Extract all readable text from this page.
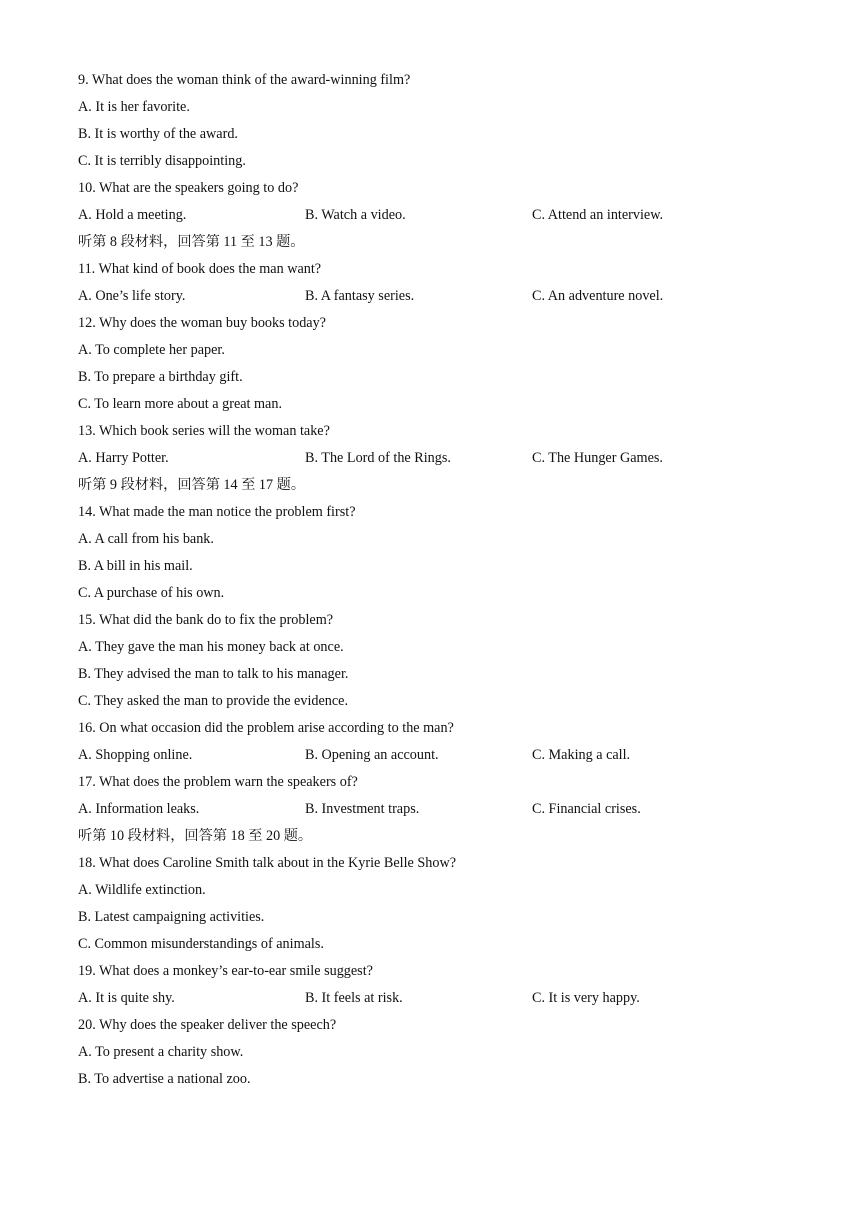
9. What does the woman think of the award-winning film?
A. It is her favorite.
B. It is worthy of the award.
C. It is terribly disappointing.
10. What are the speakers going to do?
A. Hold a meeting.	B. Watch a video.	C. Attend an interview.
听第 8 段材料，回答第 11 至 13 题。
11. What kind of book does the man want?
A. One’s life story.	B. A fantasy series.	C. An adventure novel.
12. Why does the woman buy books today?
A. To complete her paper.
B. To prepare a birthday gift.
C. To learn more about a great man.
13. Which book series will the woman take?
A. Harry Potter.	B. The Lord of the Rings.	C. The Hunger Games.
听第 9 段材料，回答第 14 至 17 题。
14. What made the man notice the problem first?
A. A call from his bank.
B. A bill in his mail.
C. A purchase of his own.
15. What did the bank do to fix the problem?
A. They gave the man his money back at once.
B. They advised the man to talk to his manager.
C. They asked the man to provide the evidence.
16. On what occasion did the problem arise according to the man?
A. Shopping online.	B. Opening an account.	C. Making a call.
17. What does the problem warn the speakers of?
A. Information leaks.	B. Investment traps.	C. Financial crises.
听第 10 段材料，回答第 18 至 20 题。
18. What does Caroline Smith talk about in the Kyrie Belle Show?
A. Wildlife extinction.
B. Latest campaigning activities.
C. Common misunderstandings of animals.
19. What does a monkey’s ear-to-ear smile suggest?
A. It is quite shy.	B. It feels at risk.	C. It is very happy.
20. Why does the speaker deliver the speech?
A. To present a charity show.
B. To advertise a national zoo.
